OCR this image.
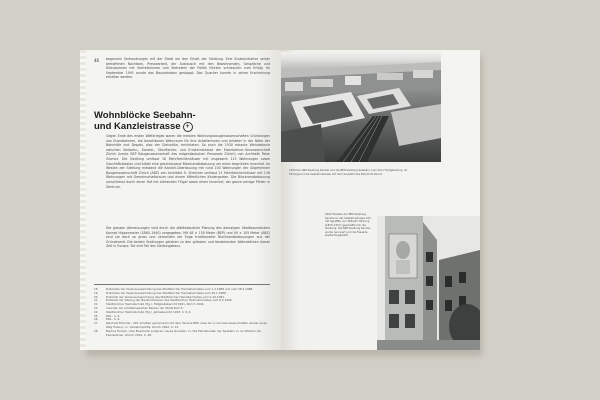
46 begannen Verhandlungen mit der Stadt um den Erhalt der Siedlung. Eine Ersatzinitiative seiner betroffenen Nachbarn, Pressearbeit, der Austausch mit den Bewohnenden, Gespräche und Diskussionen mit Vertreterinnen und Vertretern der Politik führten schliesslich zum Erfolg. Im September 1991 wurde das Bauvorhaben gestoppt. Das Quartier konnte in seiner Erscheinung erhalten werden.

Wohnblöcke Seebahn-
und Kanzleistrasse +

Gegen Ende des ersten Weltkrieges waren die meisten Wohnungsbaugenossenschaften Gründungen von Eisenbahnern, die bezahlbaren Wohnraum für ihre Arbeiterinnen und Arbeiter in der Nähe der Bahnhöfe und Depots, also der Gleisnähe, errichteten. So auch die 1930 erbaute Wohnkolonie zwischen Seebahn-, Kanzlei-, Stauffacher- und Ernsternstrasse der Eisenbahner-Genossenschaft Zürich (heute BEP Baugenossenschaft des eidgenössischen Personals Zürich) von Architekt Peter Giumini. Die Siedlung umfasst 16 Mehrfamilienhäuser mit insgesamt 113 Wohnungen sowie Geschäftslokalen und bildet eine geschlossene Blockrandbebauung um einen begrünten Innenhof. Im Westen der Siedlung entstand die Kanzlei-Überbauung mit rund 100 Wohnungen der Allgemeinen Baugenossenschaft Zürich (ABZ) von Architekt O. Streicher umfasst 21 Mehrfamilienhäuser mit 116 Wohnungen mit Gemeinschaftsraum und einem öffentlichen Kindergarten. Die Blockrandbebauung umschliesst durch einen Hof mit stehenden Flügel sowie einen Innenhof, der ganze wenige Pfeiler in Zentrum.

Die grossen Abmessungen sind durch die städtebauliche Planung des damaligen Stadtbaumeisters Konrad Hippenmeier (1880–1940) vorgegeben. Mit 48 × 150 Meter (BEP) und 90 × 105 Meter (ABZ) sind sie doch so gross und vermeiden die Enge traditioneller Blockrandbebauungen aus der Gründerzeit. Die beiden Siedlungen gehören zu den grössten und bestehenden Wohnblöcken dieser Zeit in Europa. Sie sind Teil des Siedlungsbaus.

18	Protokolle der Vereinsversammlung des Stadtzürcher Heimatschutzes vom 1.2.1988 und vom 28.2.1988.
19	Protokolle der Vereinsversammlung des Stadtzürcher Heimatschutzes vom 20.1.1988.
20	Protokoll der Vereinsversammlung des Stadtzürcher Heimatschutzes vom 4.10.1991.
21	Protokoll der Sitzung der Baukommission des Stadtzürcher Heimatschutzes vom 8.5.1990.
22	Stadtzürcher Heimatschutz (Hg.), Tätigkeitsbericht 1991, Zürich 1992.
23	Inventar der schützenswerten Bauten der Stadt Zürich.
24	Stadtzürcher Heimatschutz (Hg.), Jahresbericht 1993, S. 5–6.
25	Ebd., S. 6.
26	Ebd., S. 6.
27	Reinhold Fülscher, »Wir erhalten gemeinsam mit dem Vereine BEP, dass wir in den Genossenschaften wieder einen Weg finden«, in: Verkehrspolitik, Zürich 2002, S. 14.
28	Markus Fischer, »Die Eisenbahn prägt ein neues Quartier« in: Die Fabrikbauten der Seebahn in: Architektur der Eisenbahner, Zürich 2010, S. 48.

1950 Die ABZ-Siedlung Kanzlei und die BEP-Siedlung Seebahn nach ihrer Fertigstellung. Im Hintergrund die Seebahnstrasse mit dem Gleisfeld des Bahnhofs Zürich.

2002 Fassade der BEP-Siedlung Kanzlei an der Seebahnstrasse 163 mit Sgraffito von Wilhelm Hartung (1879–1957) geschaffen für die Siedlung. Die BEP-Siedlung Kanzlei wurde renoviert und die Fassade wiederhergestellt.
